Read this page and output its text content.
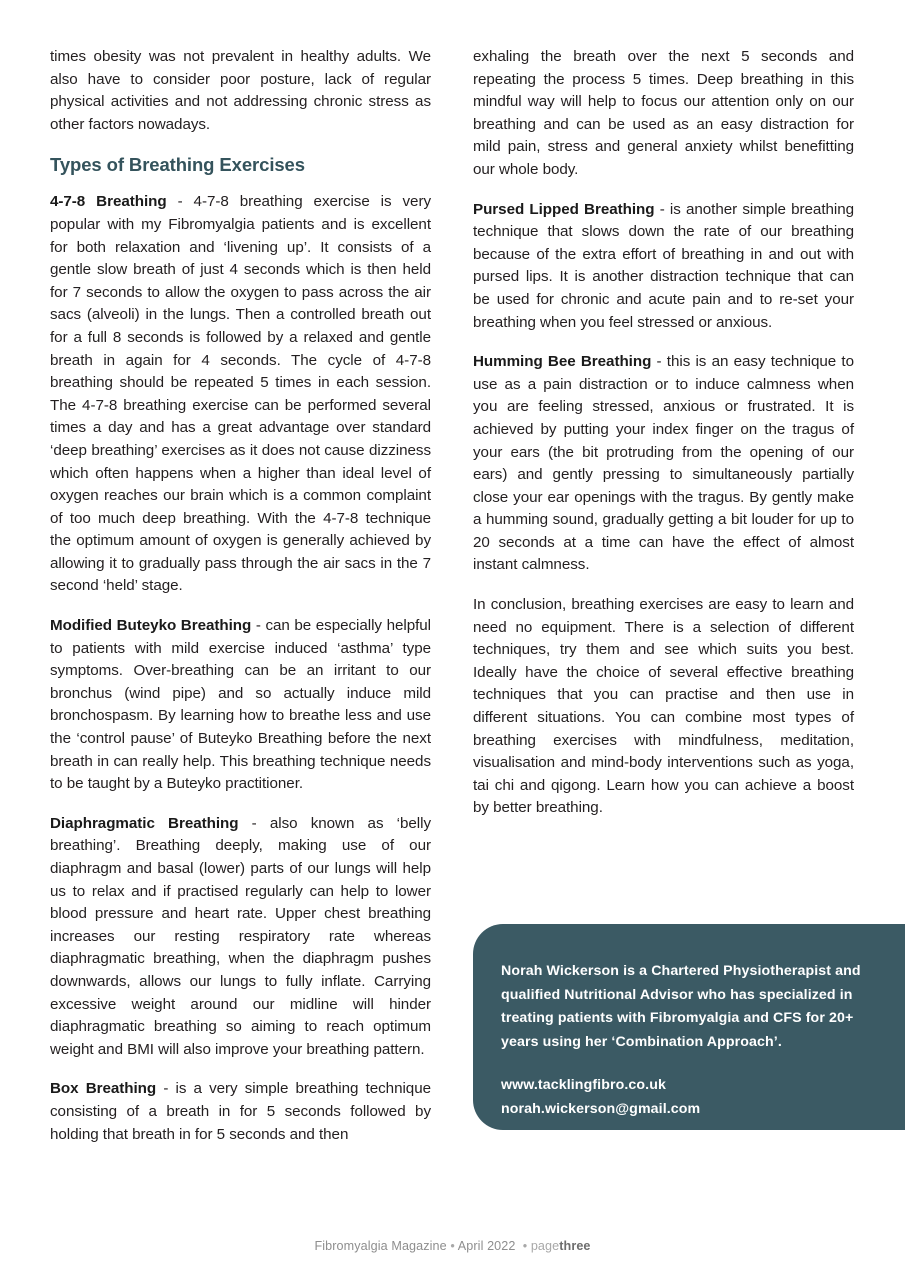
times obesity was not prevalent in healthy adults. We also have to consider poor posture, lack of regular physical activities and not addressing chronic stress as other factors nowadays.

Types of Breathing Exercises

4-7-8 Breathing - 4-7-8 breathing exercise is very popular with my Fibromyalgia patients and is excellent for both relaxation and ‘livening up’. It consists of a gentle slow breath of just 4 seconds which is then held for 7 seconds to allow the oxygen to pass across the air sacs (alveoli) in the lungs. Then a controlled breath out for a full 8 seconds is followed by a relaxed and gentle breath in again for 4 seconds. The cycle of 4-7-8 breathing should be repeated 5 times in each session. The 4-7-8 breathing exercise can be performed several times a day and has a great advantage over standard ‘deep breathing’ exercises as it does not cause dizziness which often happens when a higher than ideal level of oxygen reaches our brain which is a common complaint of too much deep breathing. With the 4-7-8 technique the optimum amount of oxygen is generally achieved by allowing it to gradually pass through the air sacs in the 7 second ‘held’ stage.

Modified Buteyko Breathing - can be especially helpful to patients with mild exercise induced ‘asthma’ type symptoms. Over-breathing can be an irritant to our bronchus (wind pipe) and so actually induce mild bronchospasm. By learning how to breathe less and use the ‘control pause’ of Buteyko Breathing before the next breath in can really help. This breathing technique needs to be taught by a Buteyko practitioner.

Diaphragmatic Breathing - also known as ‘belly breathing’. Breathing deeply, making use of our diaphragm and basal (lower) parts of our lungs will help us to relax and if practised regularly can help to lower blood pressure and heart rate. Upper chest breathing increases our resting respiratory rate whereas diaphragmatic breathing, when the diaphragm pushes downwards, allows our lungs to fully inflate. Carrying excessive weight around our midline will hinder diaphragmatic breathing so aiming to reach optimum weight and BMI will also improve your breathing pattern.

Box Breathing - is a very simple breathing technique consisting of a breath in for 5 seconds followed by holding that breath in for 5 seconds and then

exhaling the breath over the next 5 seconds and repeating the process 5 times. Deep breathing in this mindful way will help to focus our attention only on our breathing and can be used as an easy distraction for mild pain, stress and general anxiety whilst benefitting our whole body.

Pursed Lipped Breathing - is another simple breathing technique that slows down the rate of our breathing because of the extra effort of breathing in and out with pursed lips. It is another distraction technique that can be used for chronic and acute pain and to re-set your breathing when you feel stressed or anxious.

Humming Bee Breathing - this is an easy technique to use as a pain distraction or to induce calmness when you are feeling stressed, anxious or frustrated. It is achieved by putting your index finger on the tragus of your ears (the bit protruding from the opening of our ears) and gently pressing to simultaneously partially close your ear openings with the tragus. By gently make a humming sound, gradually getting a bit louder for up to 20 seconds at a time can have the effect of almost instant calmness.

In conclusion, breathing exercises are easy to learn and need no equipment. There is a selection of different techniques, try them and see which suits you best. Ideally have the choice of several effective breathing techniques that you can practise and then use in different situations. You can combine most types of breathing exercises with mindfulness, meditation, visualisation and mind-body interventions such as yoga, tai chi and qigong. Learn how you can achieve a boost by better breathing.

Norah Wickerson is a Chartered Physiotherapist and qualified Nutritional Advisor who has specialized in treating patients with Fibromyalgia and CFS for 20+ years using her ‘Combination Approach’.

www.tacklingfibro.co.uk
norah.wickerson@gmail.com

Fibromyalgia Magazine • April 2022  • pagethree
